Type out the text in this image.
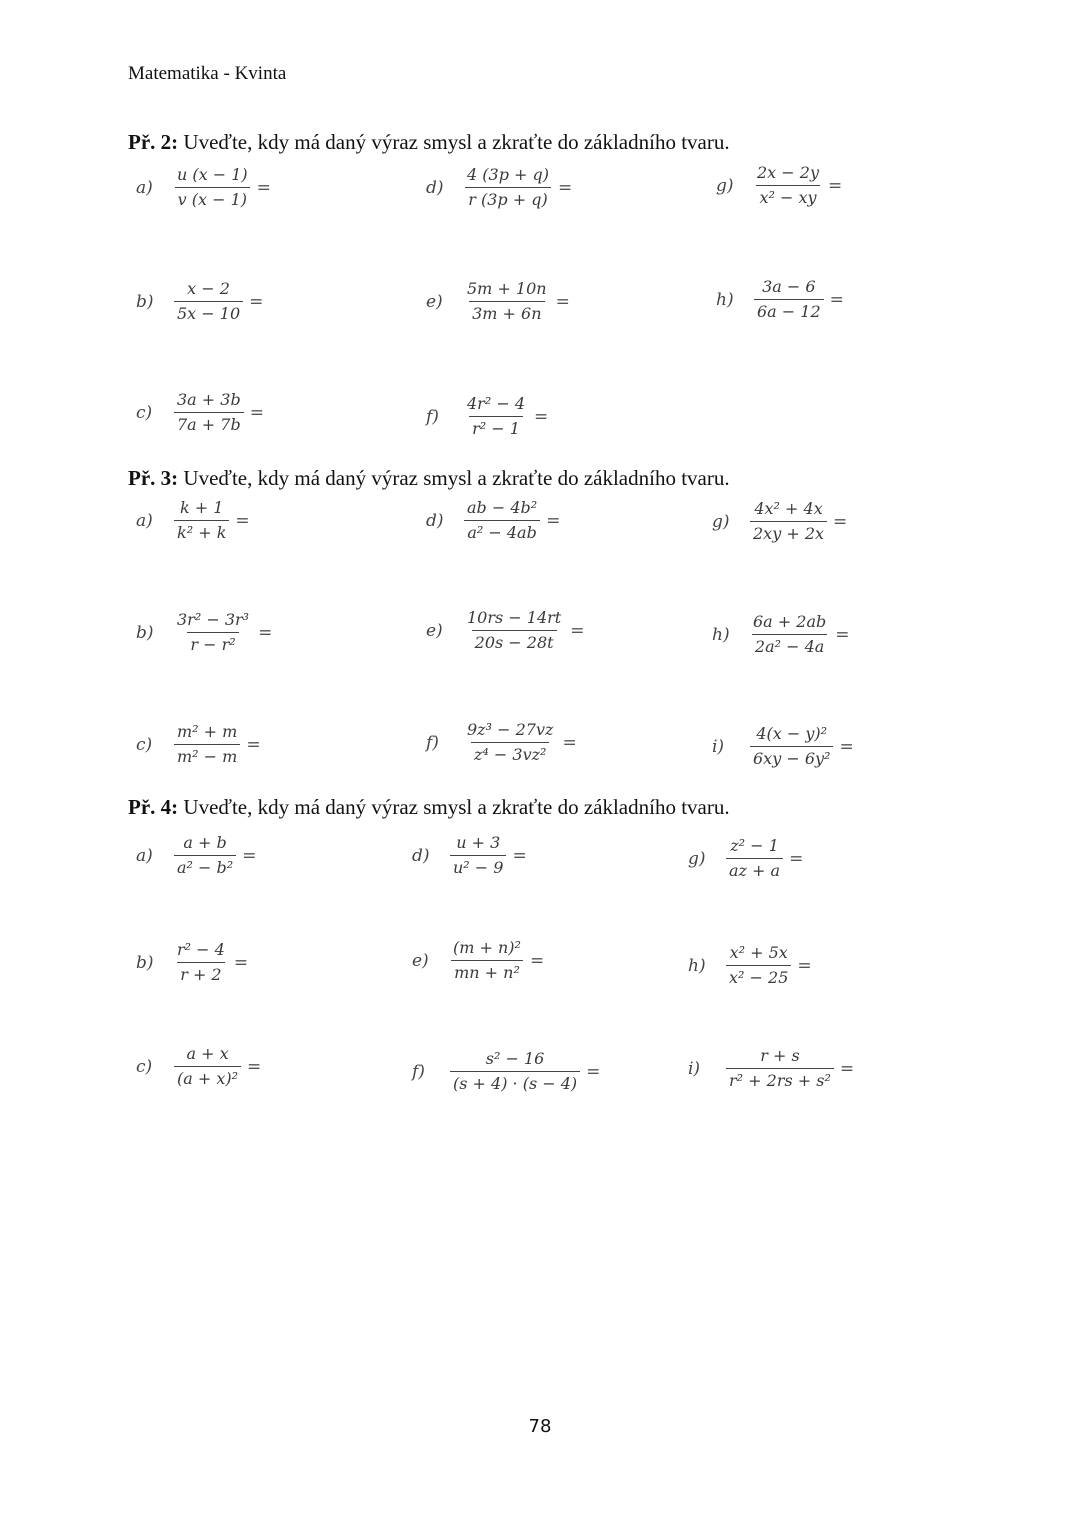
Matematika - Kvinta
Př. 2: Uveďte, kdy má daný výraz smysl a zkraťte do základního tvaru.
a)	$\frac{u (x - 1)}{v (x - 1)}$ =
b)	$\frac{x - 2}{5x - 10}$ =
c)	$\frac{3a + 3b}{7a + 7b}$ =
d)	$\frac{4 (3p + q)}{r (3p + q)}$ =
e)	$\frac{5m + 10n}{3m + 6n}$ =
f)	$\frac{\text{4r² − 4}}{\text{r² − 1}}$ =
g)	$\frac{2x - 2y}{\text{x² − xy}}$ =
h)	$\frac{3a - 6}{6a - 12}$ =
Př. 3: Uveďte, kdy má daný výraz smysl a zkraťte do základního tvaru.
a)	$\frac{k + 1}{\text{k² + k}}$ =
b)	$\frac{\text{3r² − 3r³}}{\text{r − r²}}$ =
c)	$\frac{\text{m² + m}}{\text{m² − m}}$ =
d)	$\frac{\text{ab − 4b²}}{\text{a² − 4ab}}$ =
e)	$\frac{10rs - 14rt}{20s - 28t}$ =
f)	$\frac{\text{9z³ − 27vz}}{\text{z⁴ − 3vz²}}$ =
g)	$\frac{\text{4x² + 4x}}{2xy + 2x}$ =
h)	$\frac{6a + 2ab}{\text{2a² − 4a}}$ =
i)	$\frac{\text{4(x − y)²}}{\text{6xy − 6y²}}$ =
Př. 4: Uveďte, kdy má daný výraz smysl a zkraťte do základního tvaru.
a)	$\frac{a + b}{\text{a² − b²}}$ =
b)	$\frac{\text{r² − 4}}{r + 2}$ =
c)	$\frac{a + x}{\text{(a + x)²}}$ =
d)	$\frac{u + 3}{\text{u² − 9}}$ =
e)	$\frac{\text{(m + n)²}}{\text{mn + n²}}$ =
f)	$\frac{\text{s² − 16}}{(s + 4) \cdot (s - 4)}$ =
g)	$\frac{\text{z² − 1}}{az + a}$ =
h)	$\frac{\text{x² + 5x}}{\text{x² − 25}}$ =
i)	$\frac{r + s}{\text{r² + 2rs + s²}}$ =
78
